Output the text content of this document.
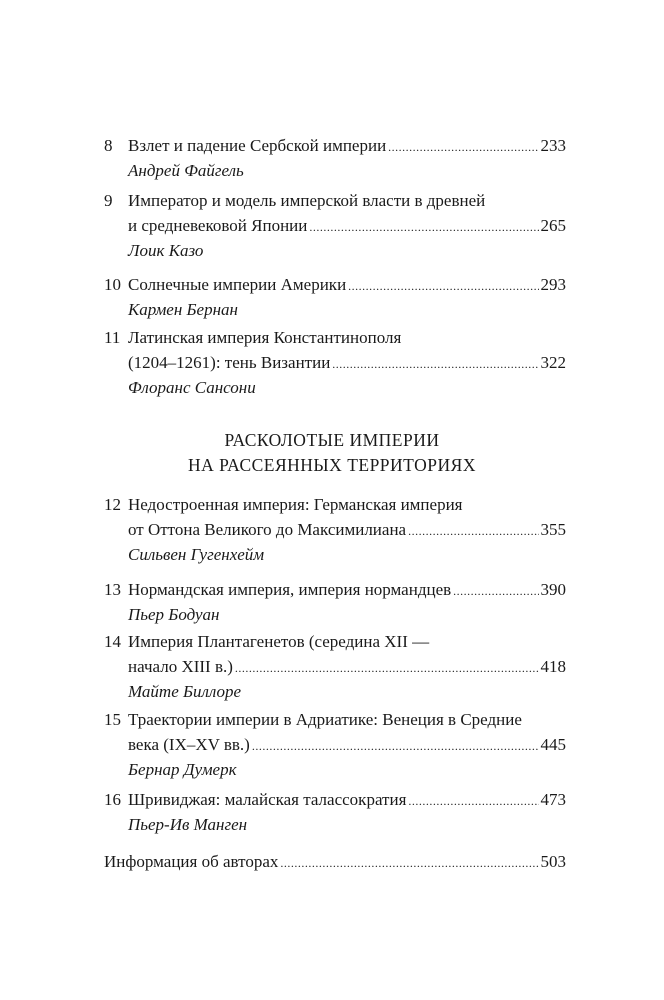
8 Взлет и падение Сербской империи .....	233
Андрей Файгель
9 Император и модель имперской власти в древней
и средневековой Японии .....	265
Лоик Казо
10 Солнечные империи Америки .....	293
Кармен Бернан
11 Латинская империя Константинополя
(1204–1261): тень Византии .....	322
Флоранс Сансони
РАСКОЛОТЫЕ ИМПЕРИИ
НА РАССЕЯННЫХ ТЕРРИТОРИЯХ
12 Недостроенная империя: Германская империя
от Оттона Великого до Максимилиана .....	355
Сильвен Гугенхейм
13 Нормандская империя, империя нормандцев .....	390
Пьер Бодуан
14 Империя Плантагенетов (середина XII —
начало XIII в.) .....	418
Майте Биллоре
15 Траектории империи в Адриатике: Венеция в Средние
века (IX–XV вв.) .....	445
Бернар Думерк
16 Шривиджая: малайская талассократия .....	473
Пьер-Ив Манген
Информация об авторах .....	503
